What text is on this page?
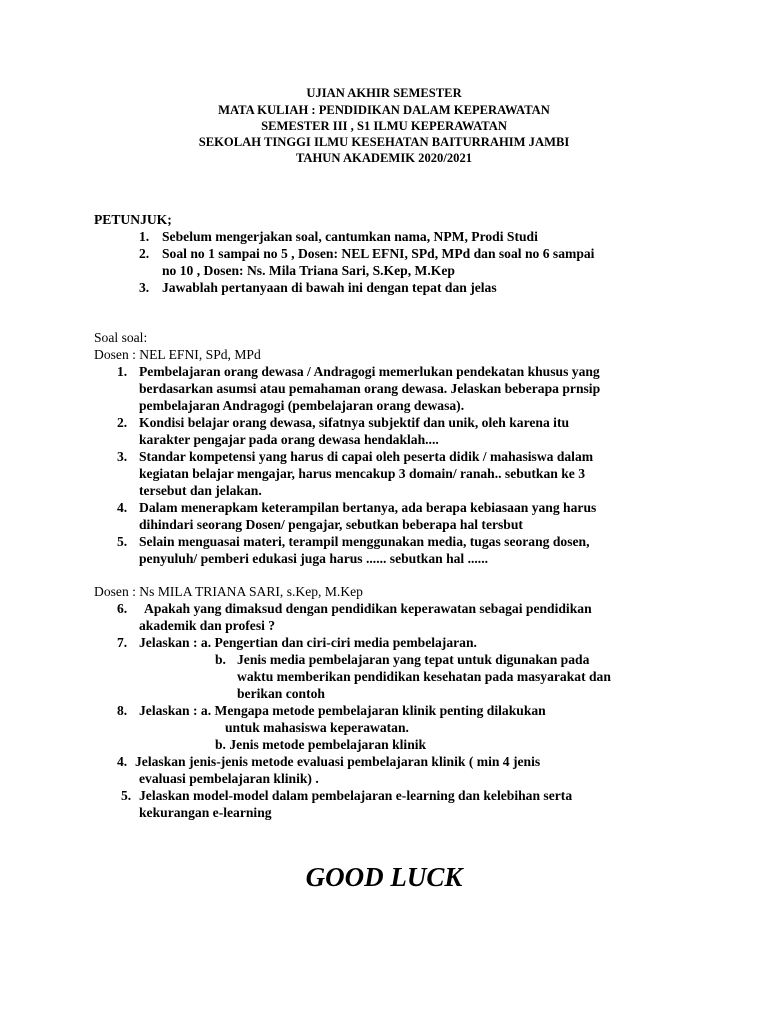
UJIAN AKHIR SEMESTER
MATA KULIAH : PENDIDIKAN DALAM KEPERAWATAN
SEMESTER III , S1 ILMU KEPERAWATAN
SEKOLAH TINGGI ILMU KESEHATAN BAITURRAHIM JAMBI
TAHUN AKADEMIK 2020/2021
PETUNJUK;
1. Sebelum mengerjakan soal, cantumkan nama, NPM, Prodi Studi
2. Soal no 1 sampai no 5 , Dosen: NEL EFNI, SPd, MPd dan soal no 6 sampai
no 10 , Dosen: Ns. Mila Triana Sari, S.Kep, M.Kep
3. Jawablah pertanyaan di bawah ini dengan tepat dan jelas
Soal soal:
Dosen : NEL EFNI, SPd, MPd
1. Pembelajaran orang dewasa / Andragogi memerlukan pendekatan khusus yang
berdasarkan asumsi atau pemahaman orang dewasa. Jelaskan beberapa prnsip
pembelajaran Andragogi (pembelajaran orang dewasa).
2. Kondisi belajar orang dewasa, sifatnya subjektif dan unik, oleh karena itu
karakter pengajar pada orang dewasa hendaklah....
3. Standar kompetensi yang harus di capai oleh peserta didik / mahasiswa dalam
kegiatan belajar mengajar, harus mencakup 3 domain/ ranah.. sebutkan ke 3
tersebut dan jelakan.
4. Dalam menerapkam keterampilan bertanya, ada berapa kebiasaan yang harus
dihindari seorang Dosen/ pengajar, sebutkan beberapa hal tersbut
5. Selain menguasai materi, terampil menggunakan media, tugas seorang dosen,
penyuluh/ pemberi edukasi juga harus ...... sebutkan hal ......
Dosen : Ns MILA TRIANA SARI, s.Kep, M.Kep
6. Apakah yang dimaksud dengan pendidikan keperawatan sebagai pendidikan
akademik dan profesi ?
7. Jelaskan : a. Pengertian dan ciri-ciri media pembelajaran.
b. Jenis media pembelajaran yang tepat untuk digunakan pada
waktu memberikan pendidikan kesehatan pada masyarakat dan
berikan contoh
8. Jelaskan : a. Mengapa metode pembelajaran klinik penting dilakukan
untuk mahasiswa keperawatan.
b. Jenis metode pembelajaran klinik
4. Jelaskan jenis-jenis metode evaluasi pembelajaran klinik ( min 4 jenis
evaluasi pembelajaran klinik) .
5. Jelaskan model-model dalam pembelajaran e-learning dan kelebihan serta
kekurangan e-learning
GOOD LUCK
